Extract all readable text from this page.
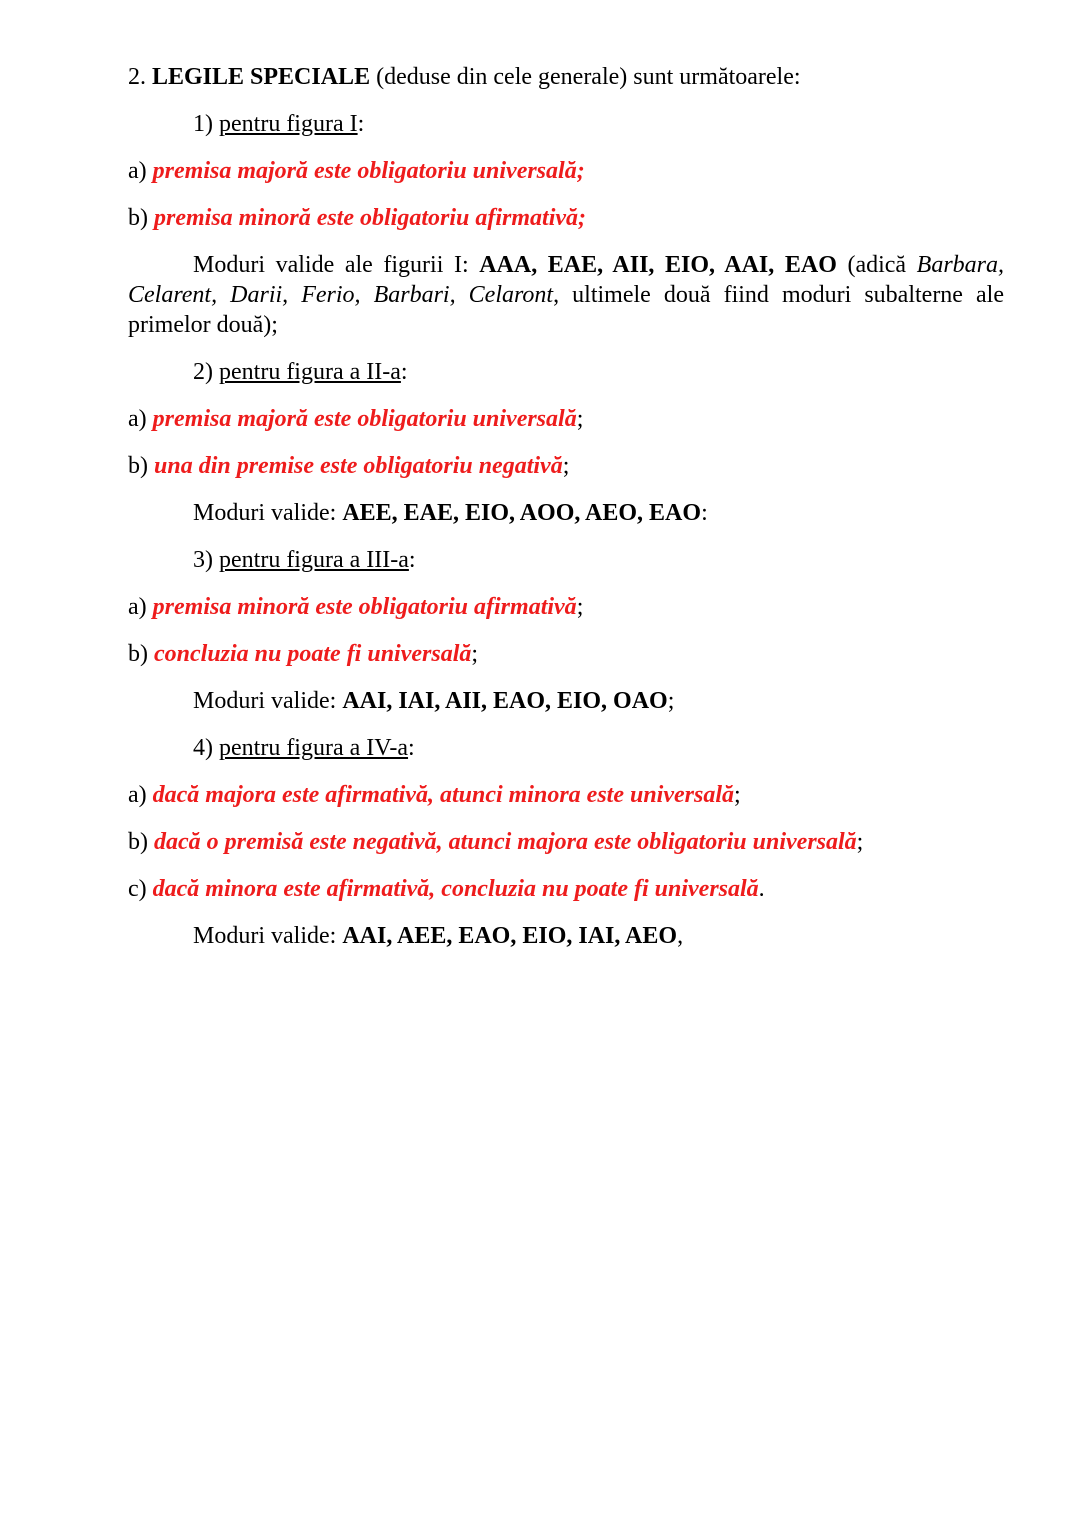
2. LEGILE SPECIALE (deduse din cele generale) sunt următoarele:

1) pentru figura I:

a) premisa majoră este obligatoriu universală;

b) premisa minoră este obligatoriu afirmativă;

Moduri valide ale figurii I: AAA, EAE, AII, EIO, AAI, EAO (adică Barbara, Celarent, Darii, Ferio, Barbari, Celaront, ultimele două fiind moduri subalterne ale primelor două);

2) pentru figura a II-a:

a) premisa majoră este obligatoriu universală;

b) una din premise este obligatoriu negativă;

Moduri valide: AEE, EAE, EIO, AOO, AEO, EAO:

3) pentru figura a III-a:

a) premisa minoră este obligatoriu afirmativă;

b) concluzia nu poate fi universală;

Moduri valide: AAI, IAI, AII, EAO, EIO, OAO;

4) pentru figura a IV-a:

a) dacă majora este afirmativă, atunci minora este universală;

b) dacă o premisă este negativă, atunci majora este obligatoriu universală;

c) dacă minora este afirmativă, concluzia nu poate fi universală.

Moduri valide: AAI, AEE, EAO, EIO, IAI, AEO,
